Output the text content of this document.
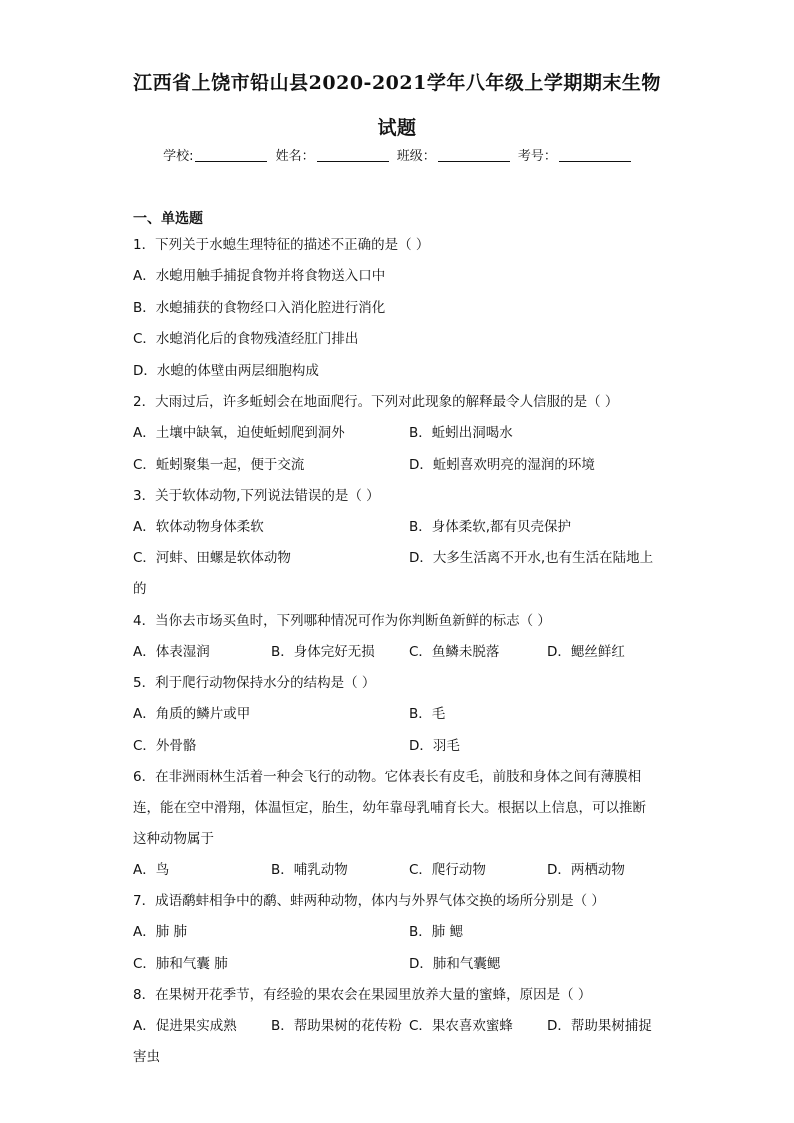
江西省上饶市铅山县2020-2021学年八年级上学期期末生物
试题
学校:	姓名：	班级：	考号：
一、单选题
1．下列关于水螅生理特征的描述不正确的是（ ）
A．水螅用触手捕捉食物并将食物送入口中
B．水螅捕获的食物经口入消化腔进行消化
C．水螅消化后的食物残渣经肛门排出
D．水螅的体壁由两层细胞构成
2．大雨过后，许多蚯蚓会在地面爬行。下列对此现象的解释最令人信服的是（ ）
A．土壤中缺氧，迫使蚯蚓爬到洞外	B．蚯蚓出洞喝水
C．蚯蚓聚集一起，便于交流	D．蚯蚓喜欢明亮的湿润的环境
3．关于软体动物,下列说法错误的是（ ）
A．软体动物身体柔软	B．身体柔软,都有贝壳保护
C．河蚌、田螺是软体动物	D．大多生活离不开水,也有生活在陆地上
的
4．当你去市场买鱼时，下列哪种情况可作为你判断鱼新鲜的标志（ ）
A．体表湿润	B．身体完好无损	C．鱼鳞未脱落	D．鳃丝鲜红
5．利于爬行动物保持水分的结构是（ ）
A．角质的鳞片或甲	B．毛
C．外骨骼	D．羽毛
6．在非洲雨林生活着一种会飞行的动物。它体表长有皮毛，前肢和身体之间有薄膜相
连，能在空中滑翔，体温恒定，胎生，幼年靠母乳哺育长大。根据以上信息，可以推断
这种动物属于
A．鸟	B．哺乳动物	C．爬行动物	D．两栖动物
7．成语鹬蚌相争中的鹬、蚌两种动物，体内与外界气体交换的场所分别是（ ）
A．肺 肺	B．肺 鳃
C．肺和气囊 肺	D．肺和气囊鳃
8．在果树开花季节，有经验的果农会在果园里放养大量的蜜蜂，原因是（ ）
A．促进果实成熟	B．帮助果树的花传粉 C．果农喜欢蜜蜂	D．帮助果树捕捉
害虫
